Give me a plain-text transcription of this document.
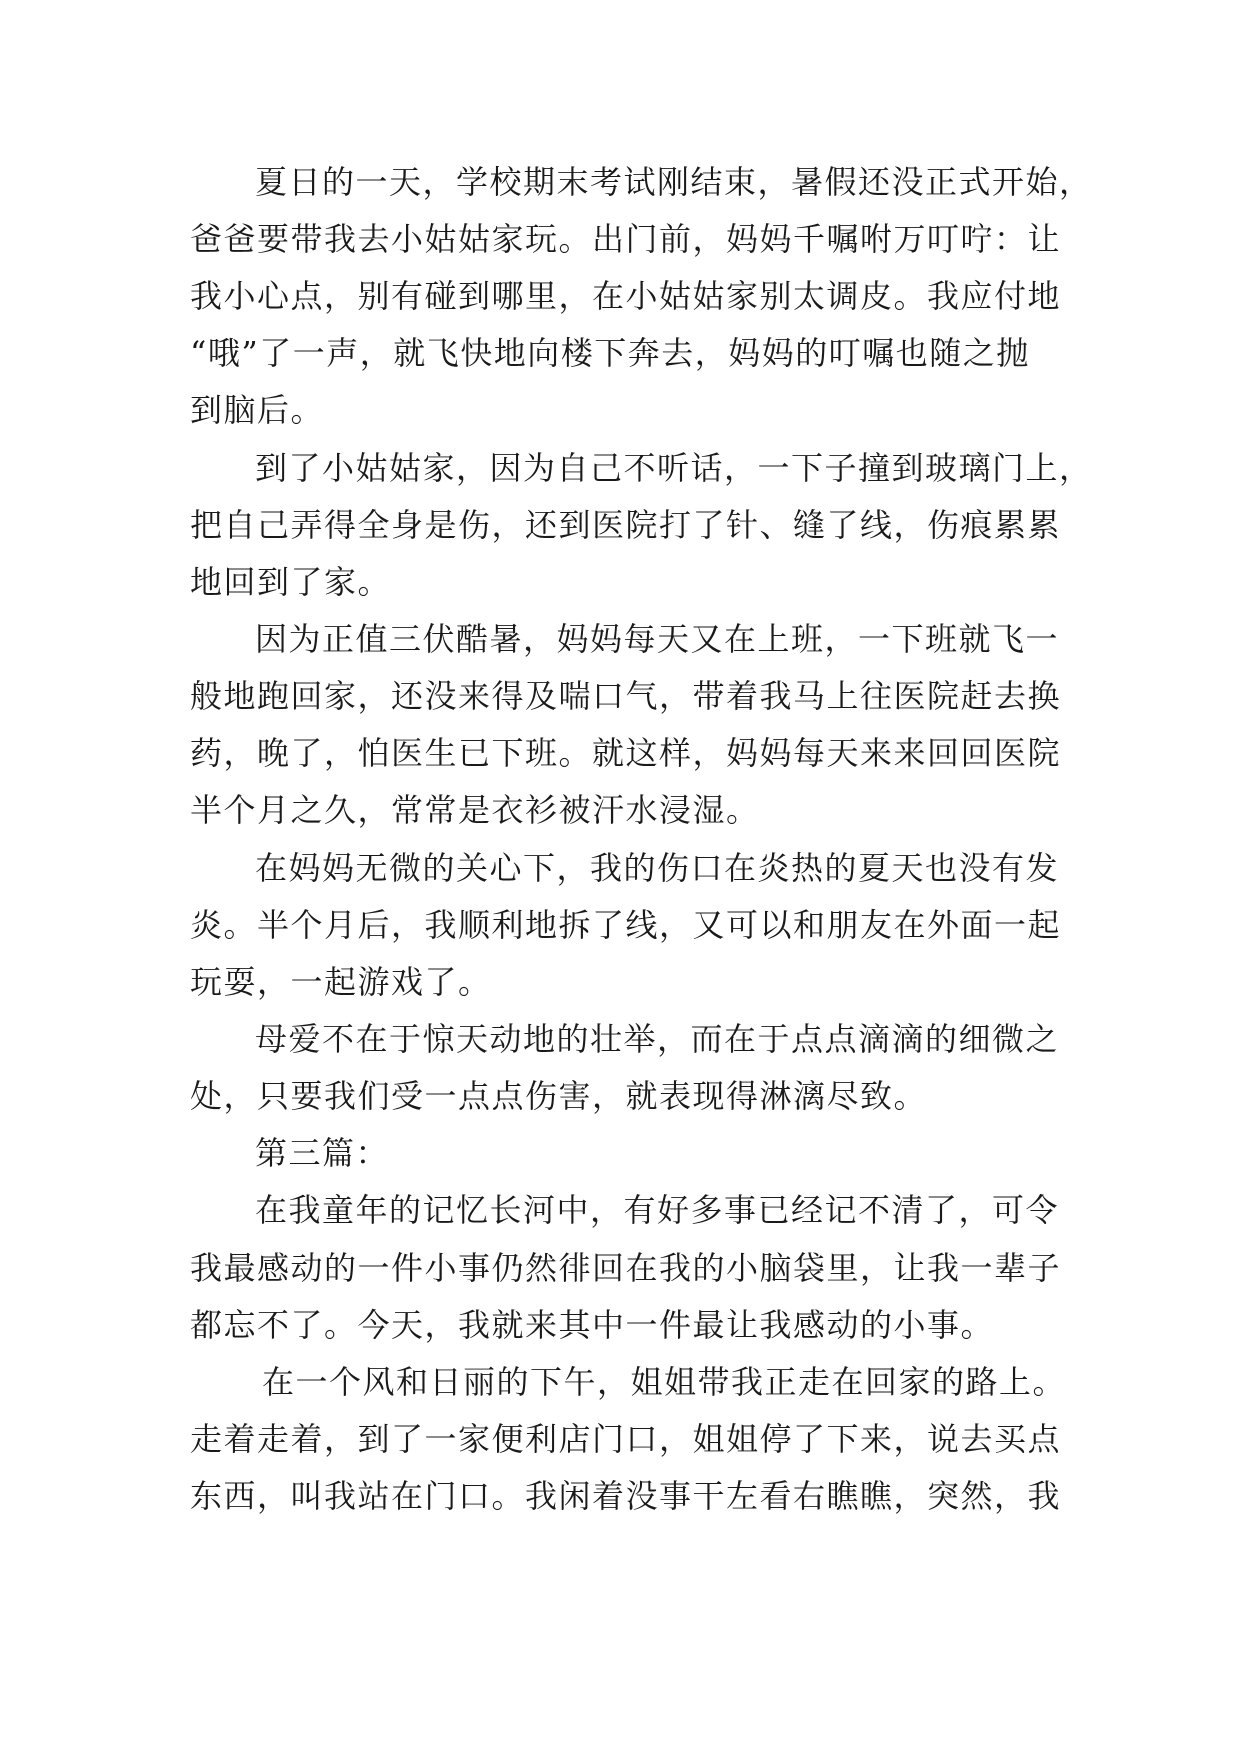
夏日的一天，学校期末考试刚结束，暑假还没正式开始，
爸爸要带我去小姑姑家玩。出门前，妈妈千嘱咐万叮咛：让
我小心点，别有碰到哪里，在小姑姑家别太调皮。我应付地
“哦”了一声，就飞快地向楼下奔去，妈妈的叮嘱也随之抛
到脑后。
到了小姑姑家，因为自己不听话，一下子撞到玻璃门上，
把自己弄得全身是伤，还到医院打了针、缝了线，伤痕累累
地回到了家。
因为正值三伏酷暑，妈妈每天又在上班，一下班就飞一
般地跑回家，还没来得及喘口气，带着我马上往医院赶去换
药，晚了，怕医生已下班。就这样，妈妈每天来来回回医院
半个月之久，常常是衣衫被汗水浸湿。
在妈妈无微的关心下，我的伤口在炎热的夏天也没有发
炎。半个月后，我顺利地拆了线，又可以和朋友在外面一起
玩耍，一起游戏了。
母爱不在于惊天动地的壮举，而在于点点滴滴的细微之
处，只要我们受一点点伤害，就表现得淋漓尽致。
第三篇：
在我童年的记忆长河中，有好多事已经记不清了，可令
我最感动的一件小事仍然徘回在我的小脑袋里，让我一辈子
都忘不了。今天，我就来其中一件最让我感动的小事。
在一个风和日丽的下午，姐姐带我正走在回家的路上。
走着走着，到了一家便利店门口，姐姐停了下来，说去买点
东西，叫我站在门口。我闲着没事干左看右瞧瞧，突然，我
